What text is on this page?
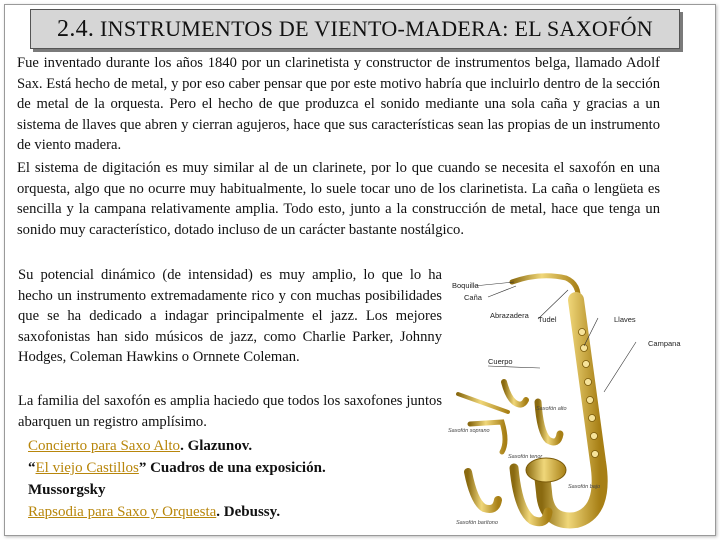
2.4. INSTRUMENTOS DE VIENTO-MADERA: EL SAXOFÓN
Fue inventado durante los años 1840 por un clarinetista y constructor de instrumentos belga, llamado Adolf Sax. Está hecho de metal, y por eso caber pensar que por este motivo habría que incluirlo dentro de la sección de metal de la orquesta. Pero el hecho de que produzca el sonido mediante una sola caña y gracias a un sistema de llaves que abren y cierran agujeros, hace que sus características sean las propias de un instrumento de viento madera.
El sistema de digitación es muy similar al de un clarinete, por lo que cuando se necesita el saxofón en una orquesta, algo que no ocurre muy habitualmente, lo suele tocar uno de los clarinetista. La caña o lengüeta es sencilla y la campana relativamente amplia. Todo esto, junto a la construcción de metal, hace que tenga un sonido muy característico, dotado incluso de un carácter bastante nostálgico.
Su potencial dinámico (de intensidad) es muy amplio, lo que lo ha hecho un instrumento extremadamente rico y con muchas posibilidades que se ha dedicado a indagar principalmente el jazz. Los mejores saxofonistas han sido músicos de jazz, como Charlie Parker, Johnny Hodges, Coleman Hawkins o Ornnete Coleman.
La familia del saxofón es amplia haciedo que todos los saxofones juntos abarquen un registro amplísimo.
Concierto para Saxo Alto. Glazunov.
“El viejo Castillos” Cuadros de una exposición.
Mussorgsky
Rapsodia para Saxo y Orquesta. Debussy.
Boquilla
Caña
Abrazadera Tudel	Llaves
Campana
Cuerpo
Saxofón alto
Saxofón soprano
Saxofón tenor
Saxofón barítono
Saxofón bajo
